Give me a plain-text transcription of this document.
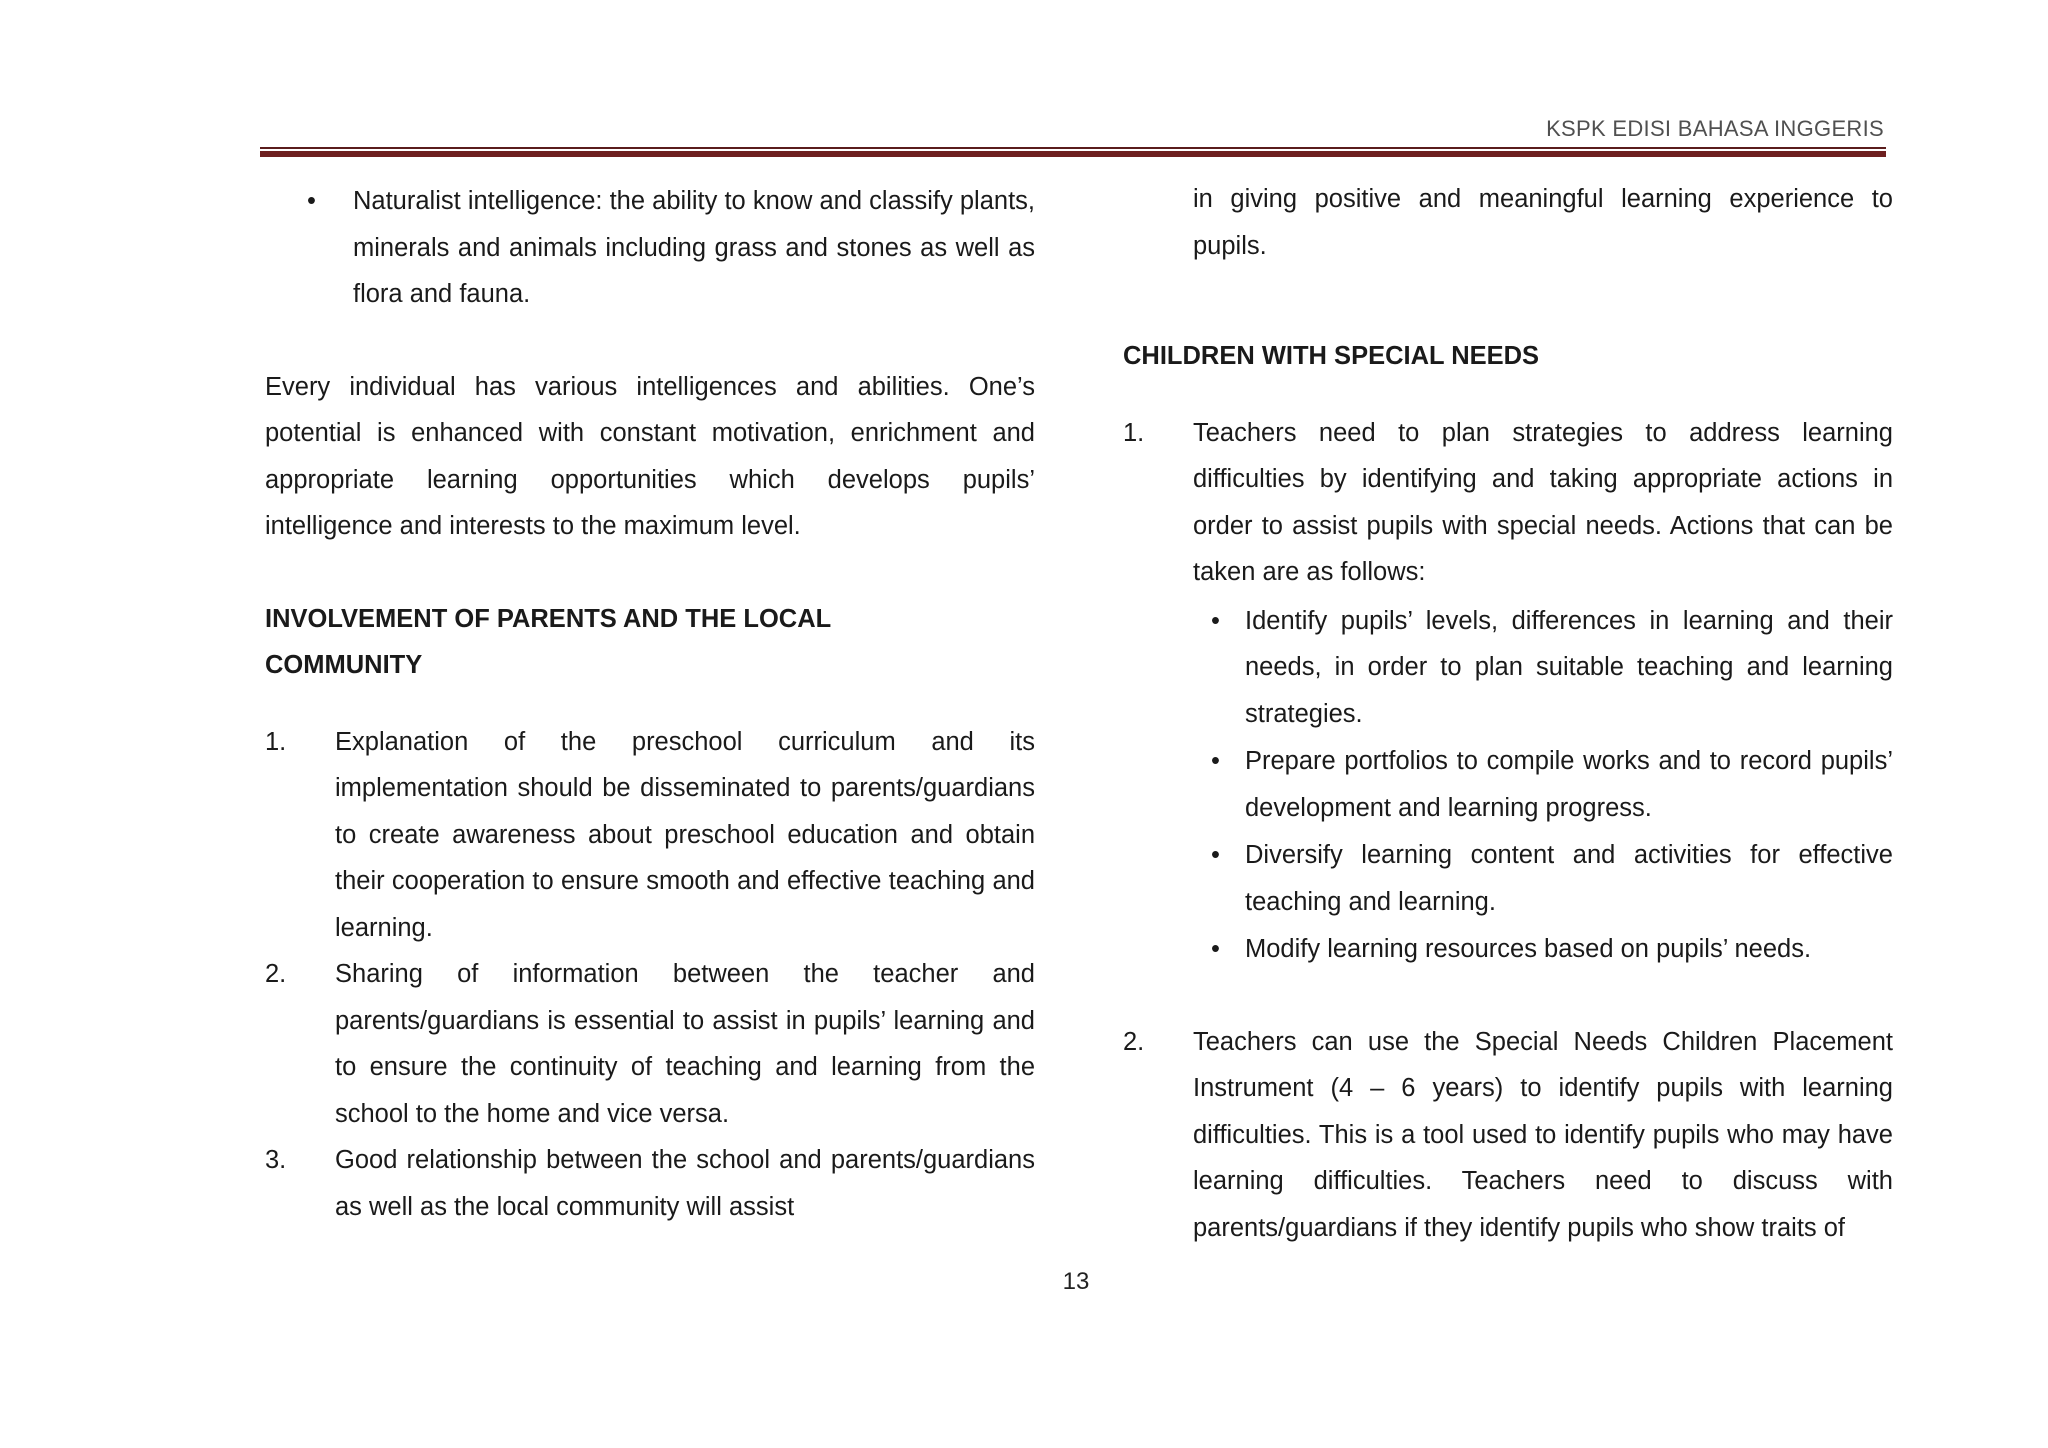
KSPK EDISI BAHASA INGGERIS
• Naturalist intelligence: the ability to know and classify plants, minerals and animals including grass and stones as well as flora and fauna.

Every individual has various intelligences and abilities. One’s potential is enhanced with constant motivation, enrichment and appropriate learning opportunities which develops pupils’ intelligence and interests to the maximum level.

INVOLVEMENT OF PARENTS AND THE LOCAL
COMMUNITY

1. Explanation of the preschool curriculum and its implementation should be disseminated to parents/guardians to create awareness about preschool education and obtain their cooperation to ensure smooth and effective teaching and learning.
2. Sharing of information between the teacher and parents/guardians is essential to assist in pupils’ learning and to ensure the continuity of teaching and learning from the school to the home and vice versa.
3. Good relationship between the school and parents/guardians as well as the local community will assist

in giving positive and meaningful learning experience to pupils.

CHILDREN WITH SPECIAL NEEDS

1. Teachers need to plan strategies to address learning difficulties by identifying and taking appropriate actions in order to assist pupils with special needs. Actions that can be taken are as follows:
• Identify pupils’ levels, differences in learning and their needs, in order to plan suitable teaching and learning strategies.
• Prepare portfolios to compile works and to record pupils’ development and learning progress.
• Diversify learning content and activities for effective teaching and learning.
• Modify learning resources based on pupils’ needs.
2. Teachers can use the Special Needs Children Placement Instrument (4 – 6 years) to identify pupils with learning difficulties. This is a tool used to identify pupils who may have learning difficulties. Teachers need to discuss with parents/guardians if they identify pupils who show traits of
13
